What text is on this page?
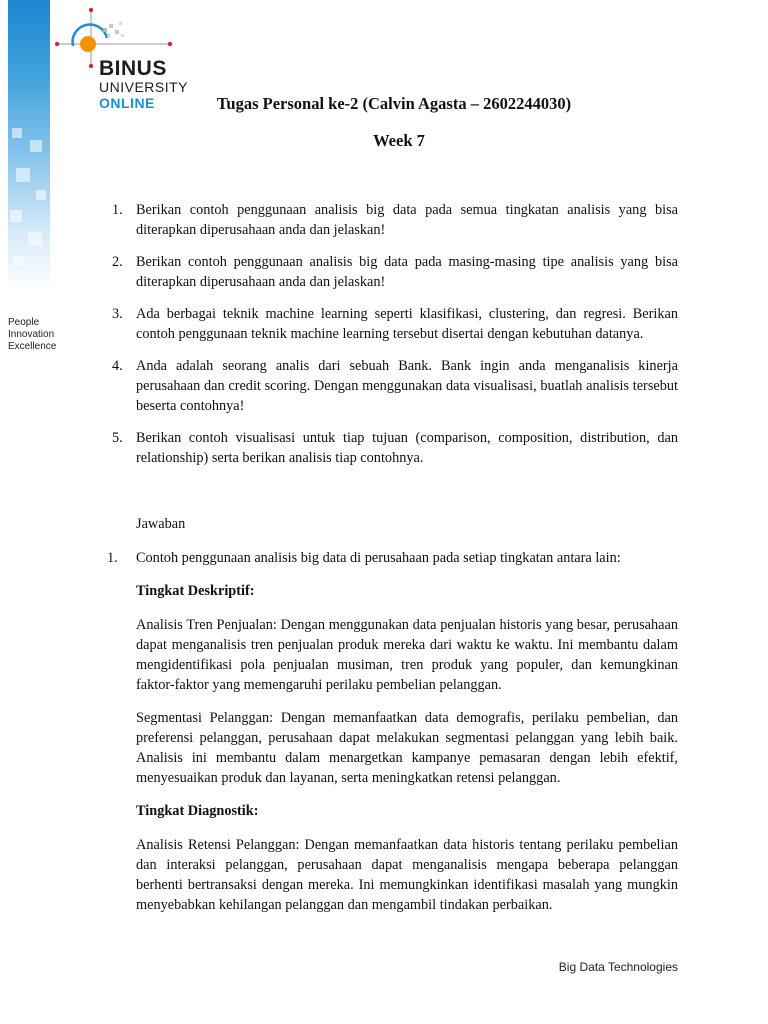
People
Innovation
Excellence
BINUS
UNIVERSITY
ONLINE	Tugas Personal ke-2 (Calvin Agasta – 2602244030)
Week 7
1. Berikan contoh penggunaan analisis big data pada semua tingkatan analisis yang bisa diterapkan diperusahaan anda dan jelaskan!
2. Berikan contoh penggunaan analisis big data pada masing-masing tipe analisis yang bisa diterapkan diperusahaan anda dan jelaskan!
3. Ada berbagai teknik machine learning seperti klasifikasi, clustering, dan regresi. Berikan contoh penggunaan teknik machine learning tersebut disertai dengan kebutuhan datanya.
4. Anda adalah seorang analis dari sebuah Bank. Bank ingin anda menganalisis kinerja perusahaan dan credit scoring. Dengan menggunakan data visualisasi, buatlah analisis tersebut beserta contohnya!
5. Berikan contoh visualisasi untuk tiap tujuan (comparison, composition, distribution, dan relationship) serta berikan analisis tiap contohnya.
Jawaban
1.	Contoh penggunaan analisis big data di perusahaan pada setiap tingkatan antara lain:
Tingkat Deskriptif:
Analisis Tren Penjualan: Dengan menggunakan data penjualan historis yang besar, perusahaan dapat menganalisis tren penjualan produk mereka dari waktu ke waktu. Ini membantu dalam mengidentifikasi pola penjualan musiman, tren produk yang populer, dan kemungkinan faktor-faktor yang memengaruhi perilaku pembelian pelanggan.
Segmentasi Pelanggan: Dengan memanfaatkan data demografis, perilaku pembelian, dan preferensi pelanggan, perusahaan dapat melakukan segmentasi pelanggan yang lebih baik. Analisis ini membantu dalam menargetkan kampanye pemasaran dengan lebih efektif, menyesuaikan produk dan layanan, serta meningkatkan retensi pelanggan.
Tingkat Diagnostik:
Analisis Retensi Pelanggan: Dengan memanfaatkan data historis tentang perilaku pembelian dan interaksi pelanggan, perusahaan dapat menganalisis mengapa beberapa pelanggan berhenti bertransaksi dengan mereka. Ini memungkinkan identifikasi masalah yang mungkin menyebabkan kehilangan pelanggan dan mengambil tindakan perbaikan.
Big Data Technologies
